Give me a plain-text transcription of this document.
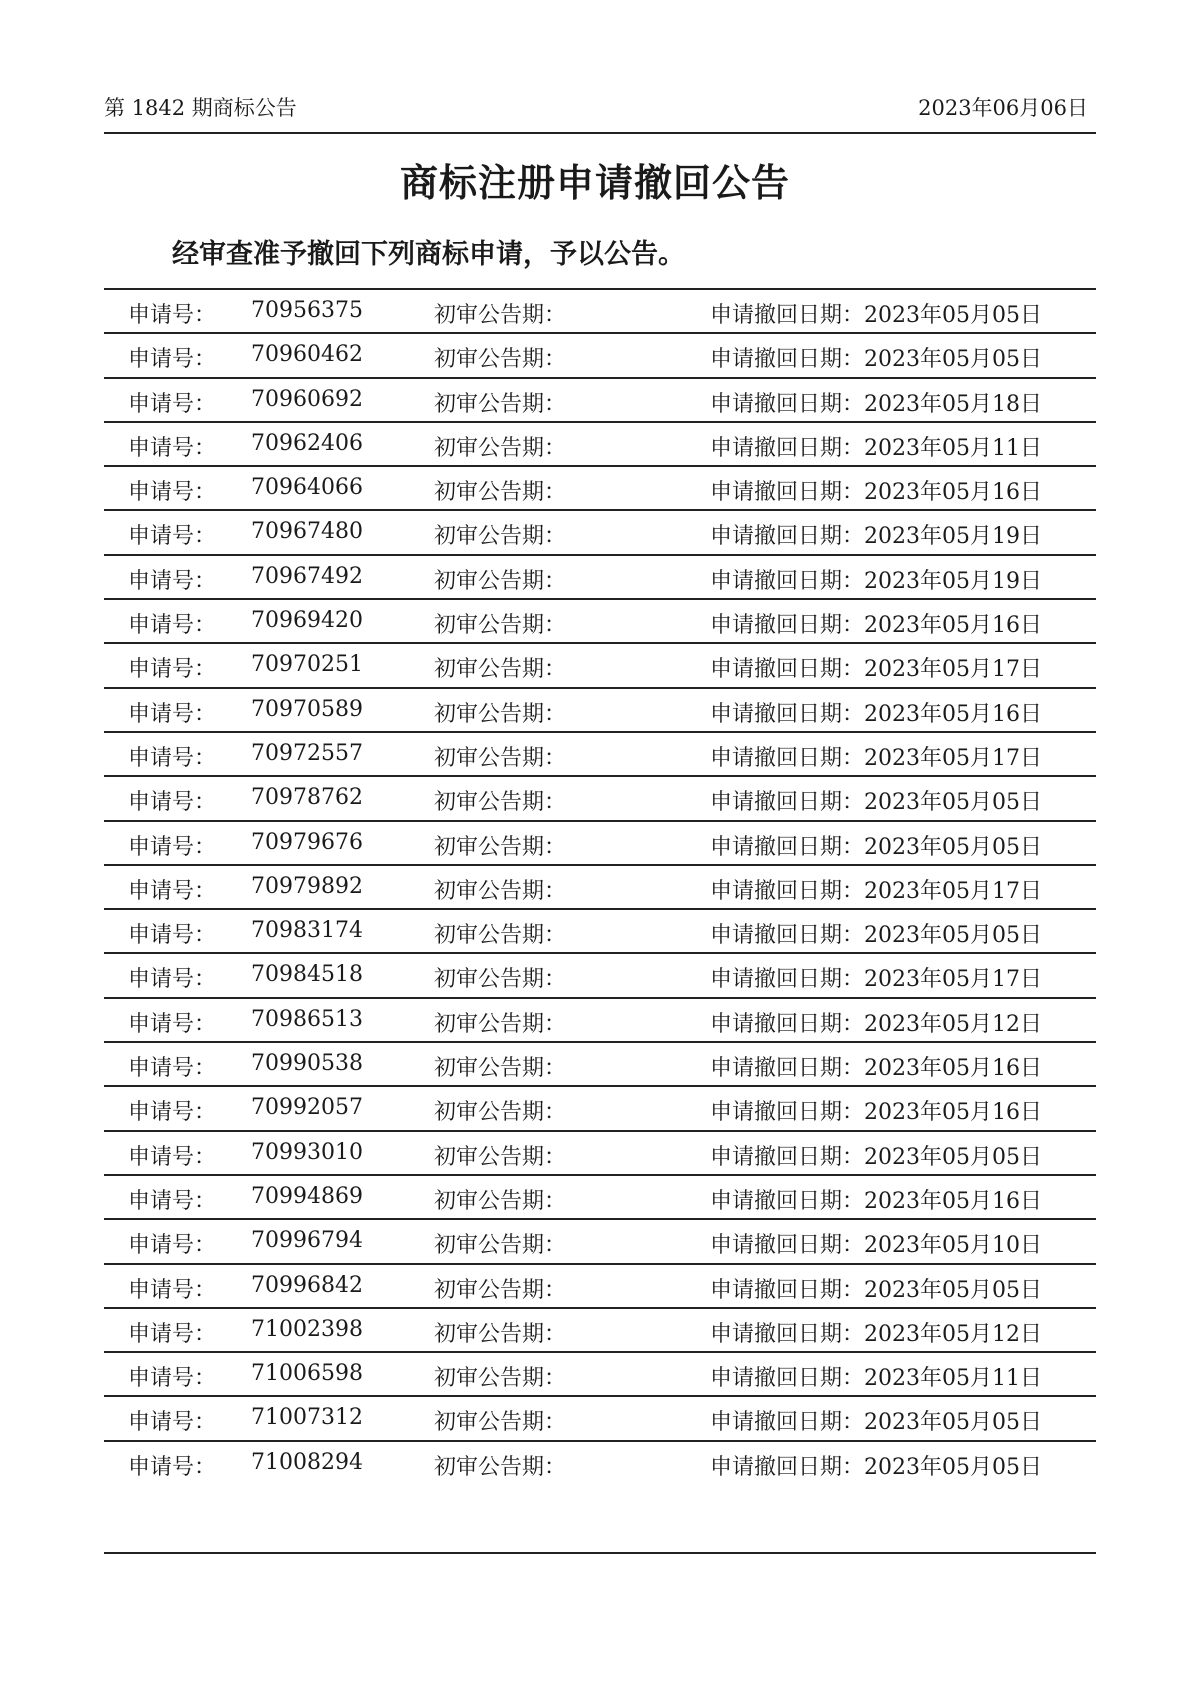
第 1842 期商标公告	2023年06月06日
商标注册申请撤回公告
经审查准予撤回下列商标申请，予以公告。
申请号： 70956375	初审公告期：	申请撤回日期：2023年05月05日
申请号： 70960462	初审公告期：	申请撤回日期：2023年05月05日
申请号： 70960692	初审公告期：	申请撤回日期：2023年05月18日
申请号： 70962406	初审公告期：	申请撤回日期：2023年05月11日
申请号： 70964066	初审公告期：	申请撤回日期：2023年05月16日
申请号： 70967480	初审公告期：	申请撤回日期：2023年05月19日
申请号： 70967492	初审公告期：	申请撤回日期：2023年05月19日
申请号： 70969420	初审公告期：	申请撤回日期：2023年05月16日
申请号： 70970251	初审公告期：	申请撤回日期：2023年05月17日
申请号： 70970589	初审公告期：	申请撤回日期：2023年05月16日
申请号： 70972557	初审公告期：	申请撤回日期：2023年05月17日
申请号： 70978762	初审公告期：	申请撤回日期：2023年05月05日
申请号： 70979676	初审公告期：	申请撤回日期：2023年05月05日
申请号： 70979892	初审公告期：	申请撤回日期：2023年05月17日
申请号： 70983174	初审公告期：	申请撤回日期：2023年05月05日
申请号： 70984518	初审公告期：	申请撤回日期：2023年05月17日
申请号： 70986513	初审公告期：	申请撤回日期：2023年05月12日
申请号： 70990538	初审公告期：	申请撤回日期：2023年05月16日
申请号： 70992057	初审公告期：	申请撤回日期：2023年05月16日
申请号： 70993010	初审公告期：	申请撤回日期：2023年05月05日
申请号： 70994869	初审公告期：	申请撤回日期：2023年05月16日
申请号： 70996794	初审公告期：	申请撤回日期：2023年05月10日
申请号： 70996842	初审公告期：	申请撤回日期：2023年05月05日
申请号： 71002398	初审公告期：	申请撤回日期：2023年05月12日
申请号： 71006598	初审公告期：	申请撤回日期：2023年05月11日
申请号： 71007312	初审公告期：	申请撤回日期：2023年05月05日
申请号： 71008294	初审公告期：	申请撤回日期：2023年05月05日
